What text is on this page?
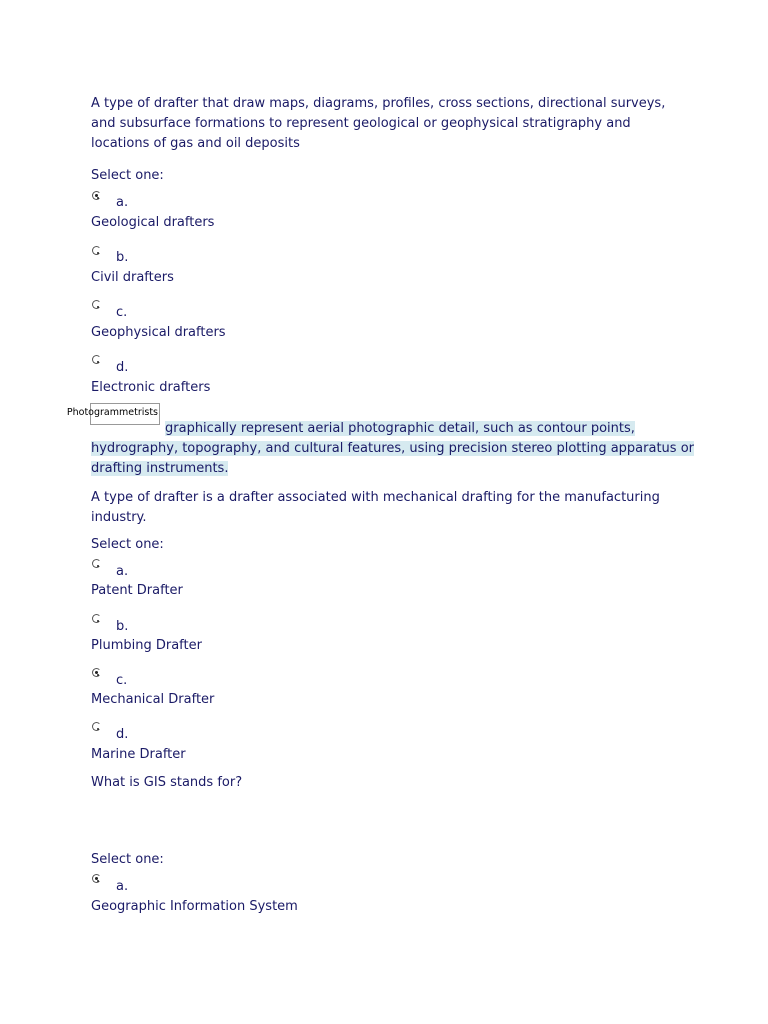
A type of drafter that draw maps, diagrams, profiles, cross sections, directional surveys, and subsurface formations to represent geological or geophysical stratigraphy and locations of gas and oil deposits
Select one:
a.
Geological drafters
b.
Civil drafters
c.
Geophysical drafters
d.
Electronic drafters
Photogrammetrists
graphically represent aerial photographic detail, such as contour points,
hydrography, topography, and cultural features, using precision stereo plotting apparatus or
drafting instruments.
A type of drafter is a drafter associated with mechanical drafting for the manufacturing industry.
Select one:
a.
Patent Drafter
b.
Plumbing Drafter
c.
Mechanical Drafter
d.
Marine Drafter
What is GIS stands for?
Select one:
a.
Geographic Information System
